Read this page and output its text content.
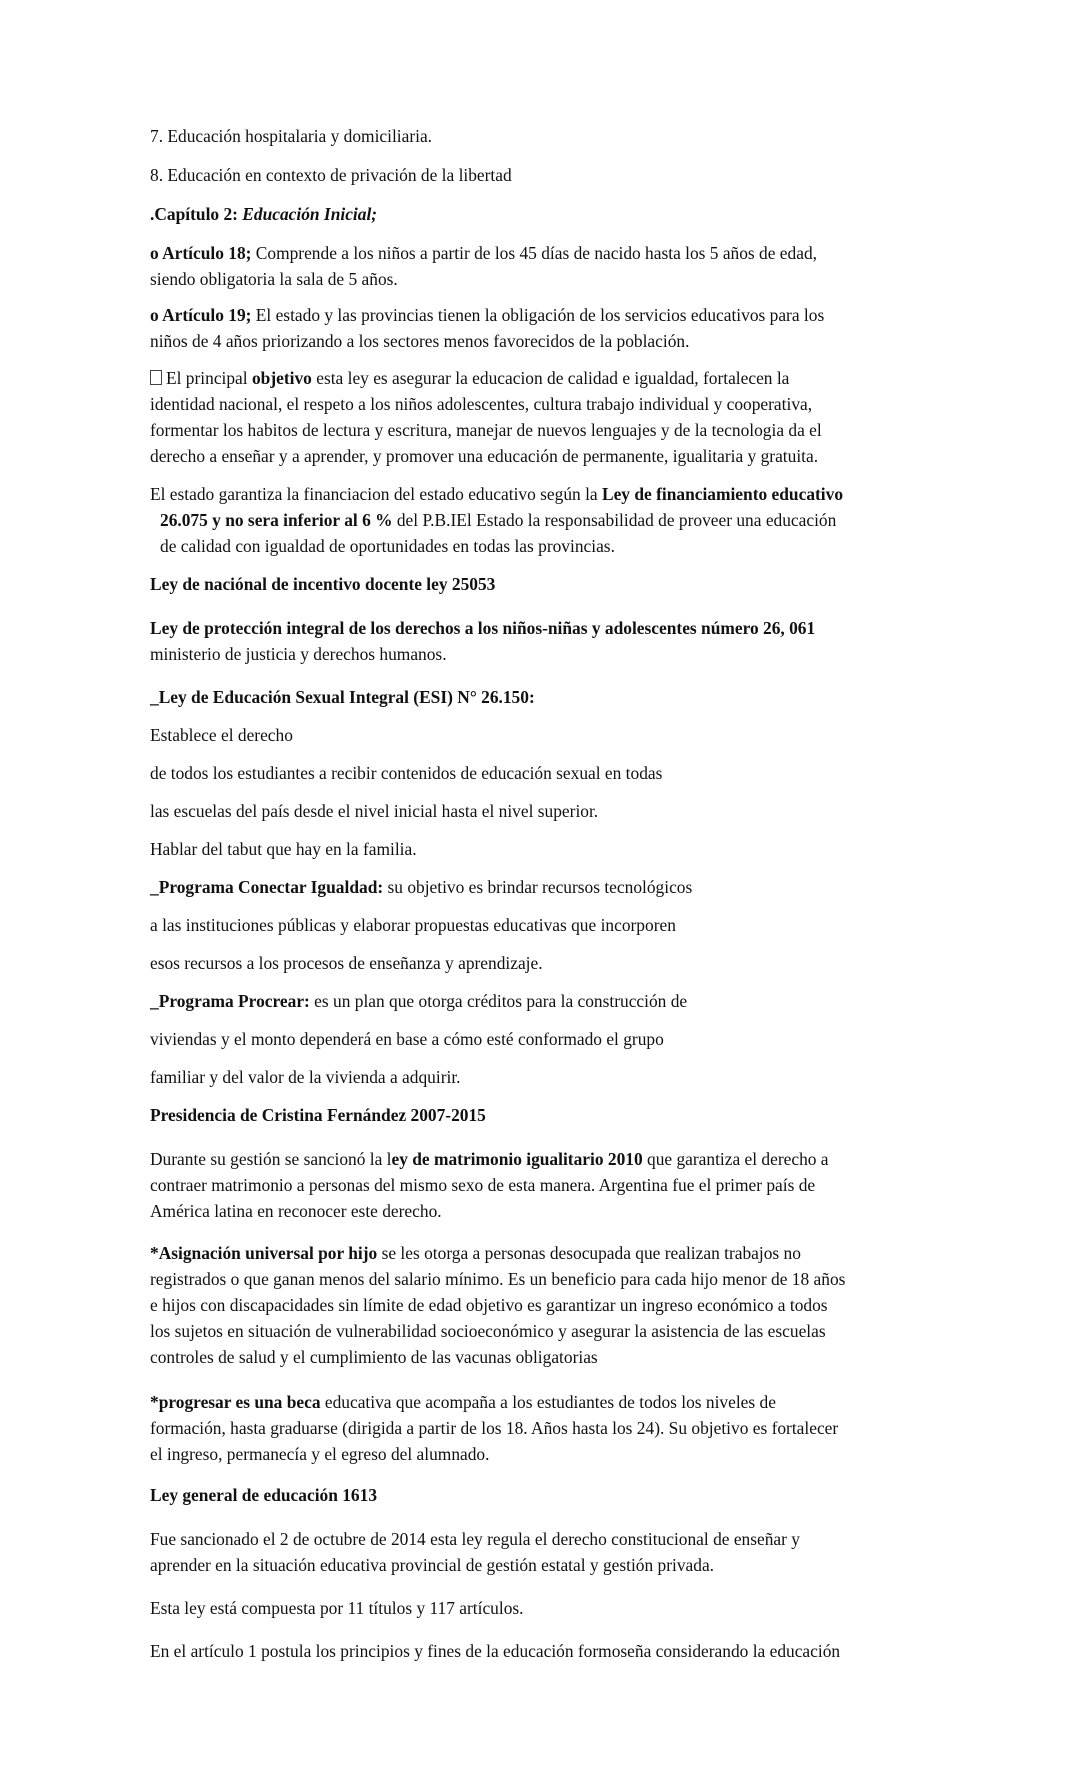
7. Educación hospitalaria y domiciliaria.

8. Educación en contexto de privación de la libertad

.Capítulo 2: Educación Inicial;

o Artículo 18; Comprende a los niños a partir de los 45 días de nacido hasta los 5 años de edad,

siendo obligatoria la sala de 5 años.

o Artículo 19; El estado y las provincias tienen la obligación de los servicios educativos para los

niños de 4 años priorizando a los sectores menos favorecidos de la población.

El principal objetivo esta ley es asegurar la educacion de calidad e igualdad, fortalecen la

identidad nacional, el respeto a los niños adolescentes, cultura trabajo individual y cooperativa,

formentar los habitos de lectura y escritura, manejar de nuevos lenguajes y de la tecnologia da el

derecho a enseñar y a aprender, y promover una educación de permanente, igualitaria y gratuita.

El estado garantiza la financiacion del estado educativo según la Ley de financiamiento educativo

26.075 y no sera inferior al 6 % del P.B.IEl Estado la responsabilidad de proveer una educación

de calidad con igualdad de oportunidades en todas las provincias.

Ley de naciónal de incentivo docente ley 25053

Ley de protección integral de los derechos a los niños-niñas y adolescentes número 26, 061

ministerio de justicia y derechos humanos.

_Ley de Educación Sexual Integral (ESI) N° 26.150:

Establece el derecho

de todos los estudiantes a recibir contenidos de educación sexual en todas

las escuelas del país desde el nivel inicial hasta el nivel superior.

Hablar del tabut que hay en la familia.

_Programa Conectar Igualdad: su objetivo es brindar recursos tecnológicos

a las instituciones públicas y elaborar propuestas educativas que incorporen

esos recursos a los procesos de enseñanza y aprendizaje.

_Programa Procrear: es un plan que otorga créditos para la construcción de

viviendas y el monto dependerá en base a cómo esté conformado el grupo

familiar y del valor de la vivienda a adquirir.

Presidencia de Cristina Fernández 2007-2015

Durante su gestión se sancionó la ley de matrimonio igualitario 2010 que garantiza el derecho a

contraer matrimonio a personas del mismo sexo de esta manera. Argentina fue el primer país de

América latina en reconocer este derecho.

*Asignación universal por hijo se les otorga a personas desocupada que realizan trabajos no

registrados o que ganan menos del salario mínimo. Es un beneficio para cada hijo menor de 18 años

e hijos con discapacidades sin límite de edad objetivo es garantizar un ingreso económico a todos

los sujetos en situación de vulnerabilidad socioeconómico y asegurar la asistencia de las escuelas

controles de salud y el cumplimiento de las vacunas obligatorias

*progresar es una beca educativa que acompaña a los estudiantes de todos los niveles de

formación, hasta graduarse (dirigida a partir de los 18. Años hasta los 24). Su objetivo es fortalecer

el ingreso, permanecía y el egreso del alumnado.

Ley general de educación 1613

Fue sancionado el 2 de octubre de 2014 esta ley regula el derecho constitucional de enseñar y

aprender en la situación educativa provincial de gestión estatal y gestión privada.

Esta ley está compuesta por 11 títulos y 117 artículos.

En el artículo 1 postula los principios y fines de la educación formoseña considerando la educación
